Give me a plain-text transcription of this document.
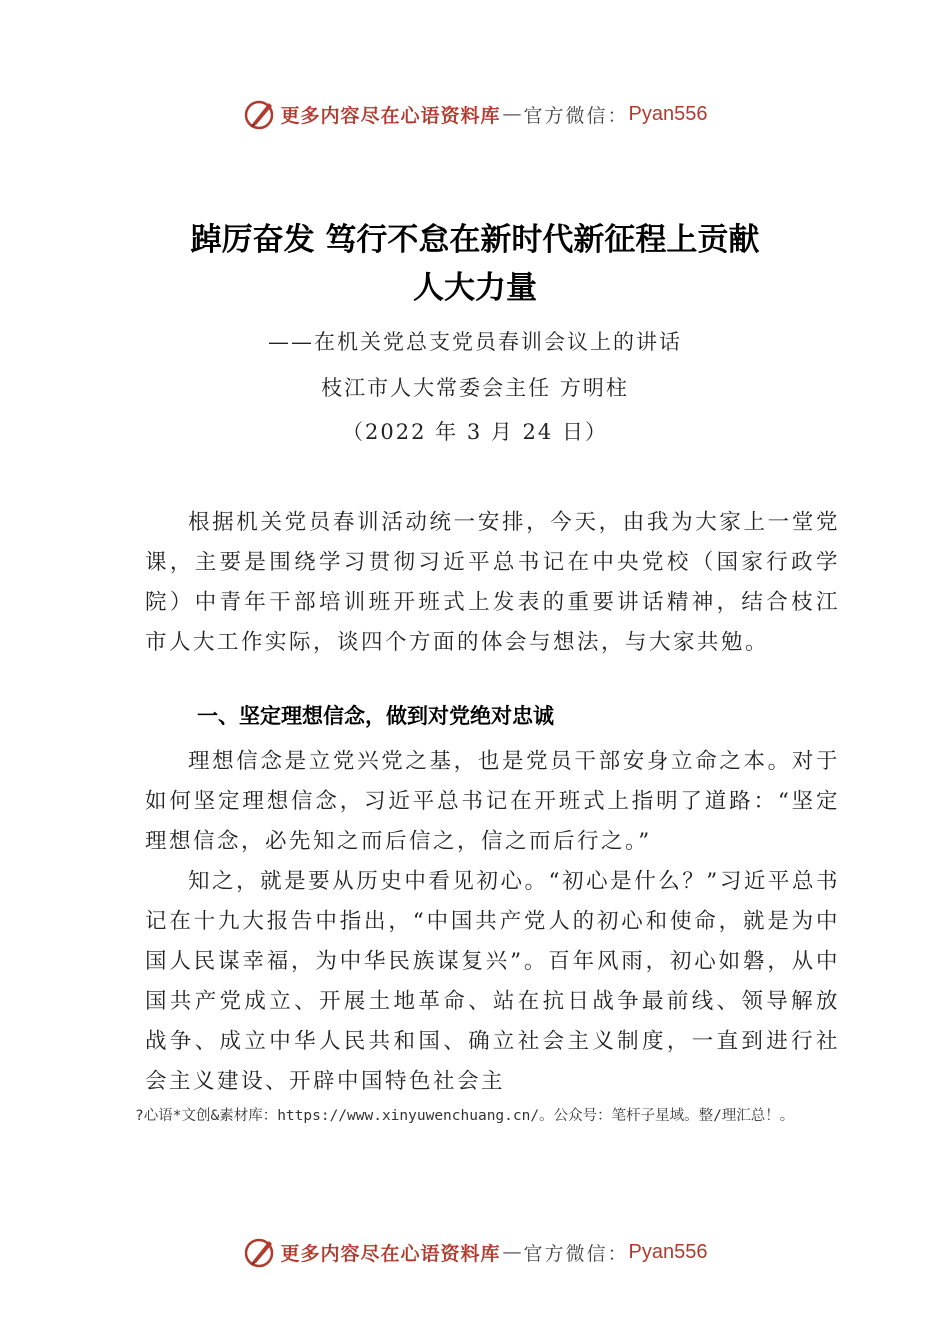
更多内容尽在心语资料库 — 官方微信： Pyan556
踔厉奋发 笃行不怠在新时代新征程上贡献
人大力量
——在机关党总支党员春训会议上的讲话
枝江市人大常委会主任 方明柱
（2022 年 3 月 24 日）
根据机关党员春训活动统一安排，今天，由我为大家上一堂党课，主要是围绕学习贯彻习近平总书记在中央党校（国家行政学院）中青年干部培训班开班式上发表的重要讲话精神，结合枝江市人大工作实际，谈四个方面的体会与想法，与大家共勉。
一、坚定理想信念，做到对党绝对忠诚
理想信念是立党兴党之基，也是党员干部安身立命之本。对于如何坚定理想信念，习近平总书记在开班式上指明了道路：“坚定理想信念，必先知之而后信之，信之而后行之。”
知之，就是要从历史中看见初心。“初心是什么？”习近平总书记在十九大报告中指出，“中国共产党人的初心和使命，就是为中国人民谋幸福，为中华民族谋复兴”。百年风雨，初心如磐，从中国共产党成立、开展土地革命、站在抗日战争最前线、领导解放战争、成立中华人民共和国、确立社会主义制度，一直到进行社会主义建设、开辟中国特色社会主
?心语*文创&素材库：https://www.xinyuwenchuang.cn/。公众号：笔杆子星域。整/理汇总！。
更多内容尽在心语资料库 — 官方微信： Pyan556
